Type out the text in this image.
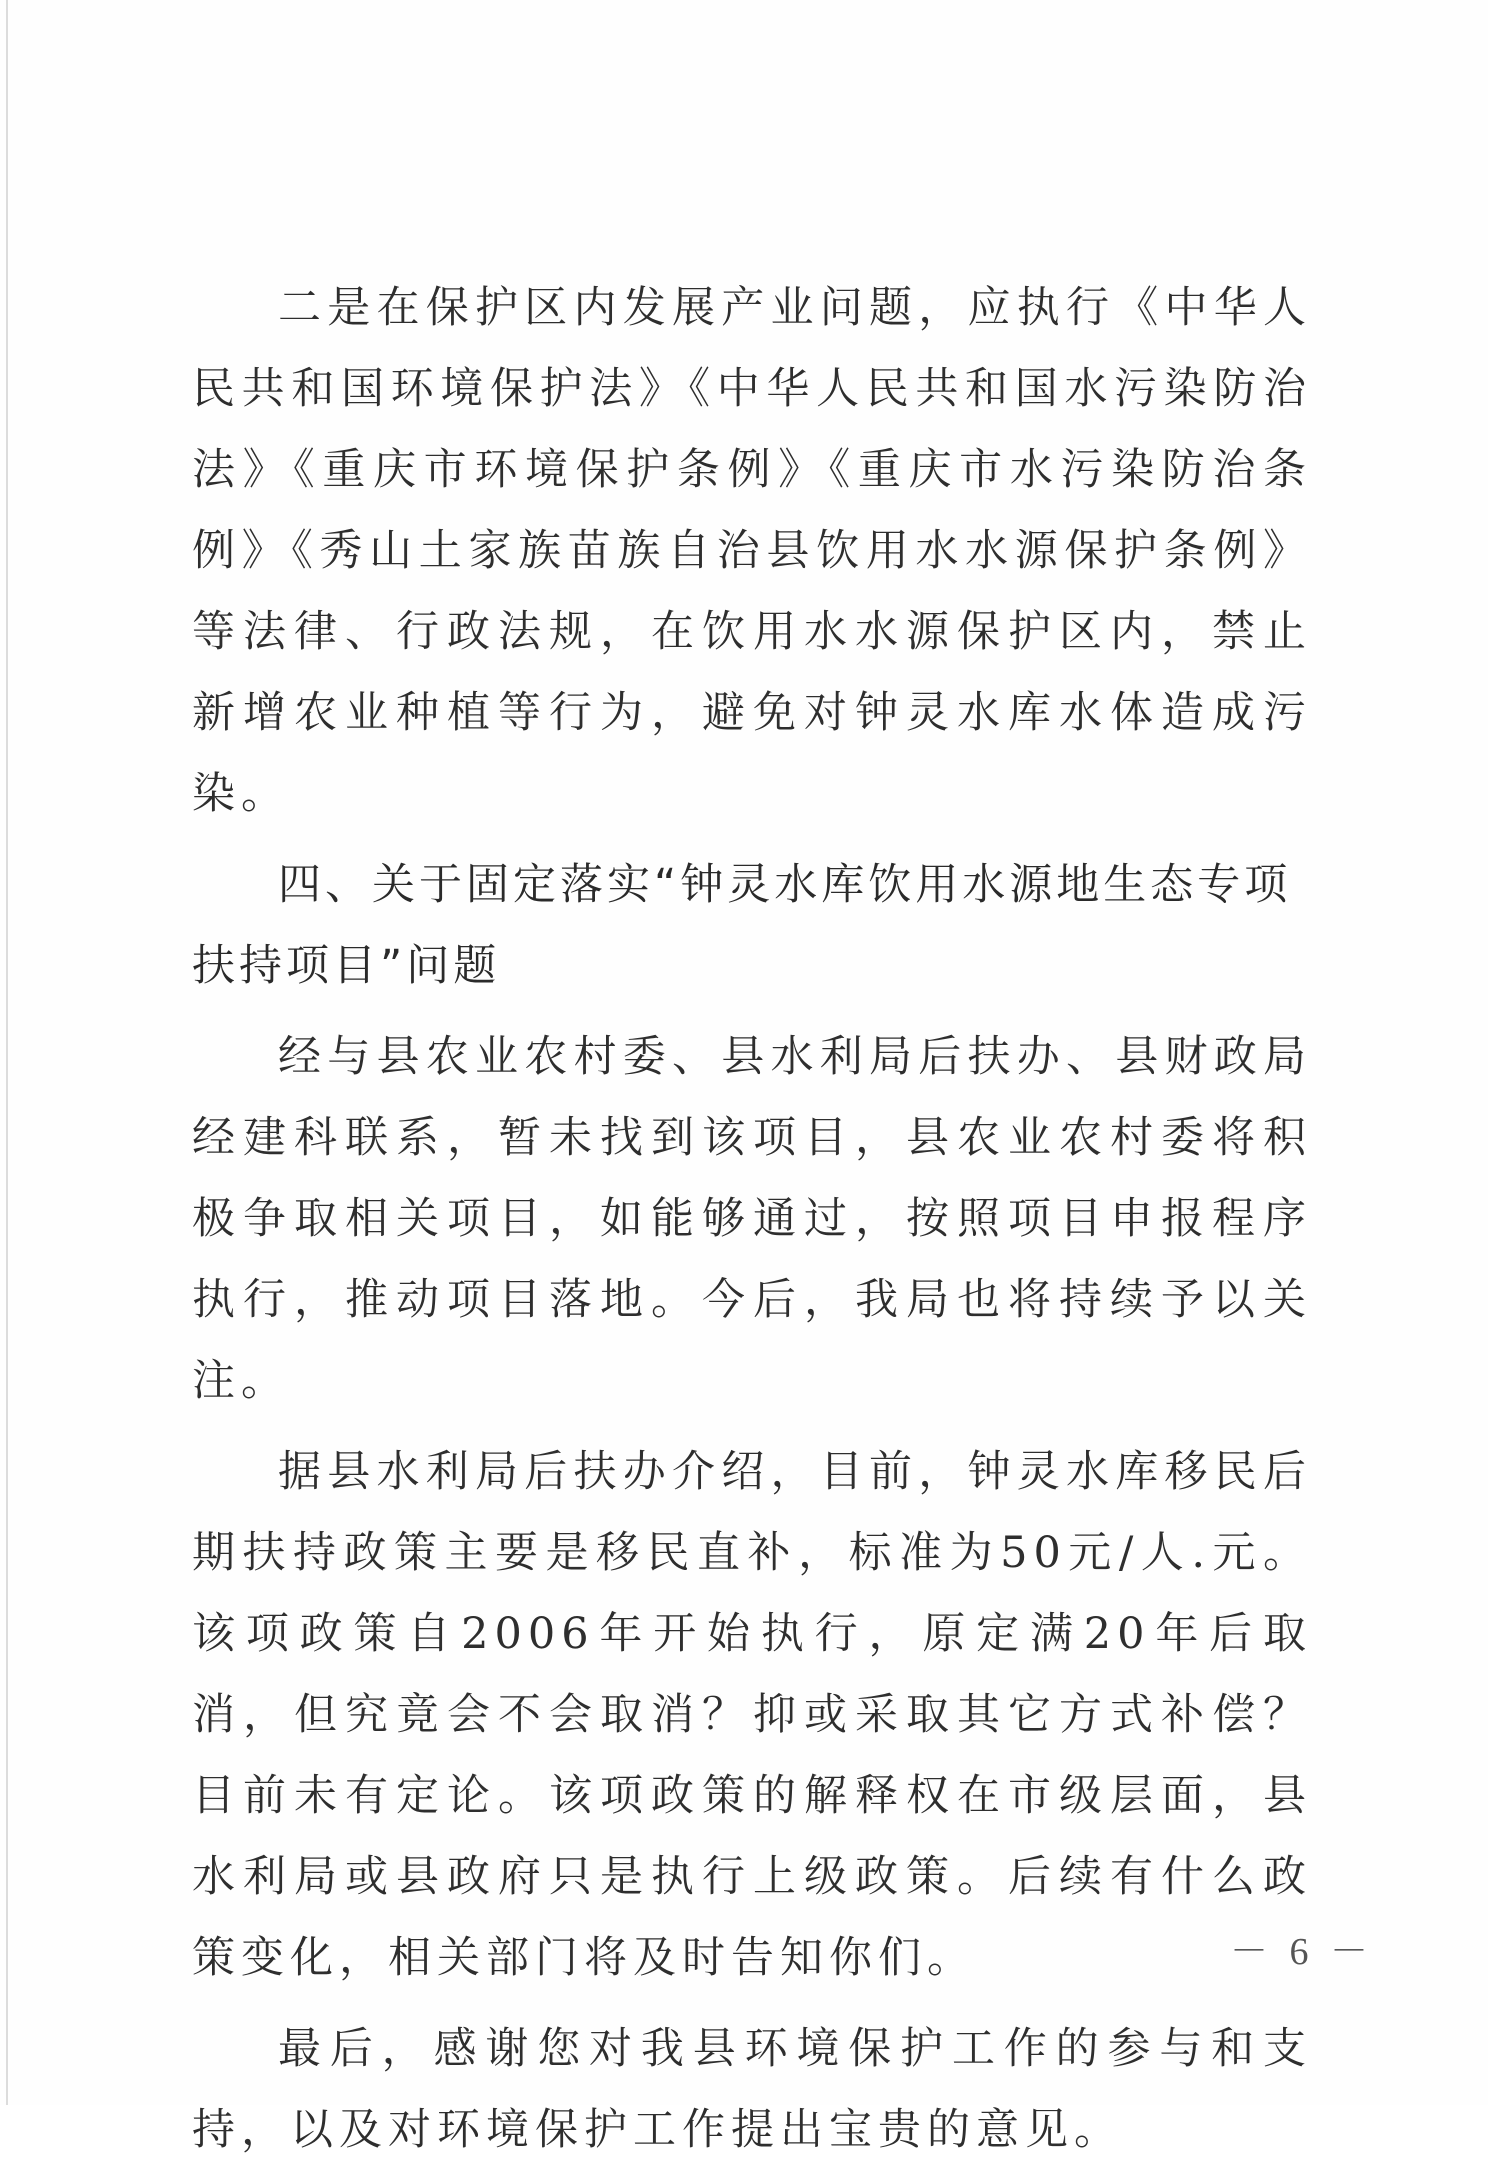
二是在保护区内发展产业问题，应执行《中华人民共和国环境保护法》《中华人民共和国水污染防治法》《重庆市环境保护条例》《重庆市水污染防治条例》《秀山土家族苗族自治县饮用水水源保护条例》等法律、行政法规，在饮用水水源保护区内，禁止新增农业种植等行为，避免对钟灵水库水体造成污染。

四、关于固定落实“钟灵水库饮用水源地生态专项扶持项目”问题

经与县农业农村委、县水利局后扶办、县财政局经建科联系，暂未找到该项目，县农业农村委将积极争取相关项目，如能够通过，按照项目申报程序执行，推动项目落地。今后，我局也将持续予以关注。

据县水利局后扶办介绍，目前，钟灵水库移民后期扶持政策主要是移民直补，标准为50元/人.元。该项政策自2006年开始执行，原定满20年后取消，但究竟会不会取消？抑或采取其它方式补偿？目前未有定论。该项政策的解释权在市级层面，县水利局或县政府只是执行上级政策。后续有什么政策变化，相关部门将及时告知你们。

最后，感谢您对我县环境保护工作的参与和支持，以及对环境保护工作提出宝贵的意见。

－ 6 －
